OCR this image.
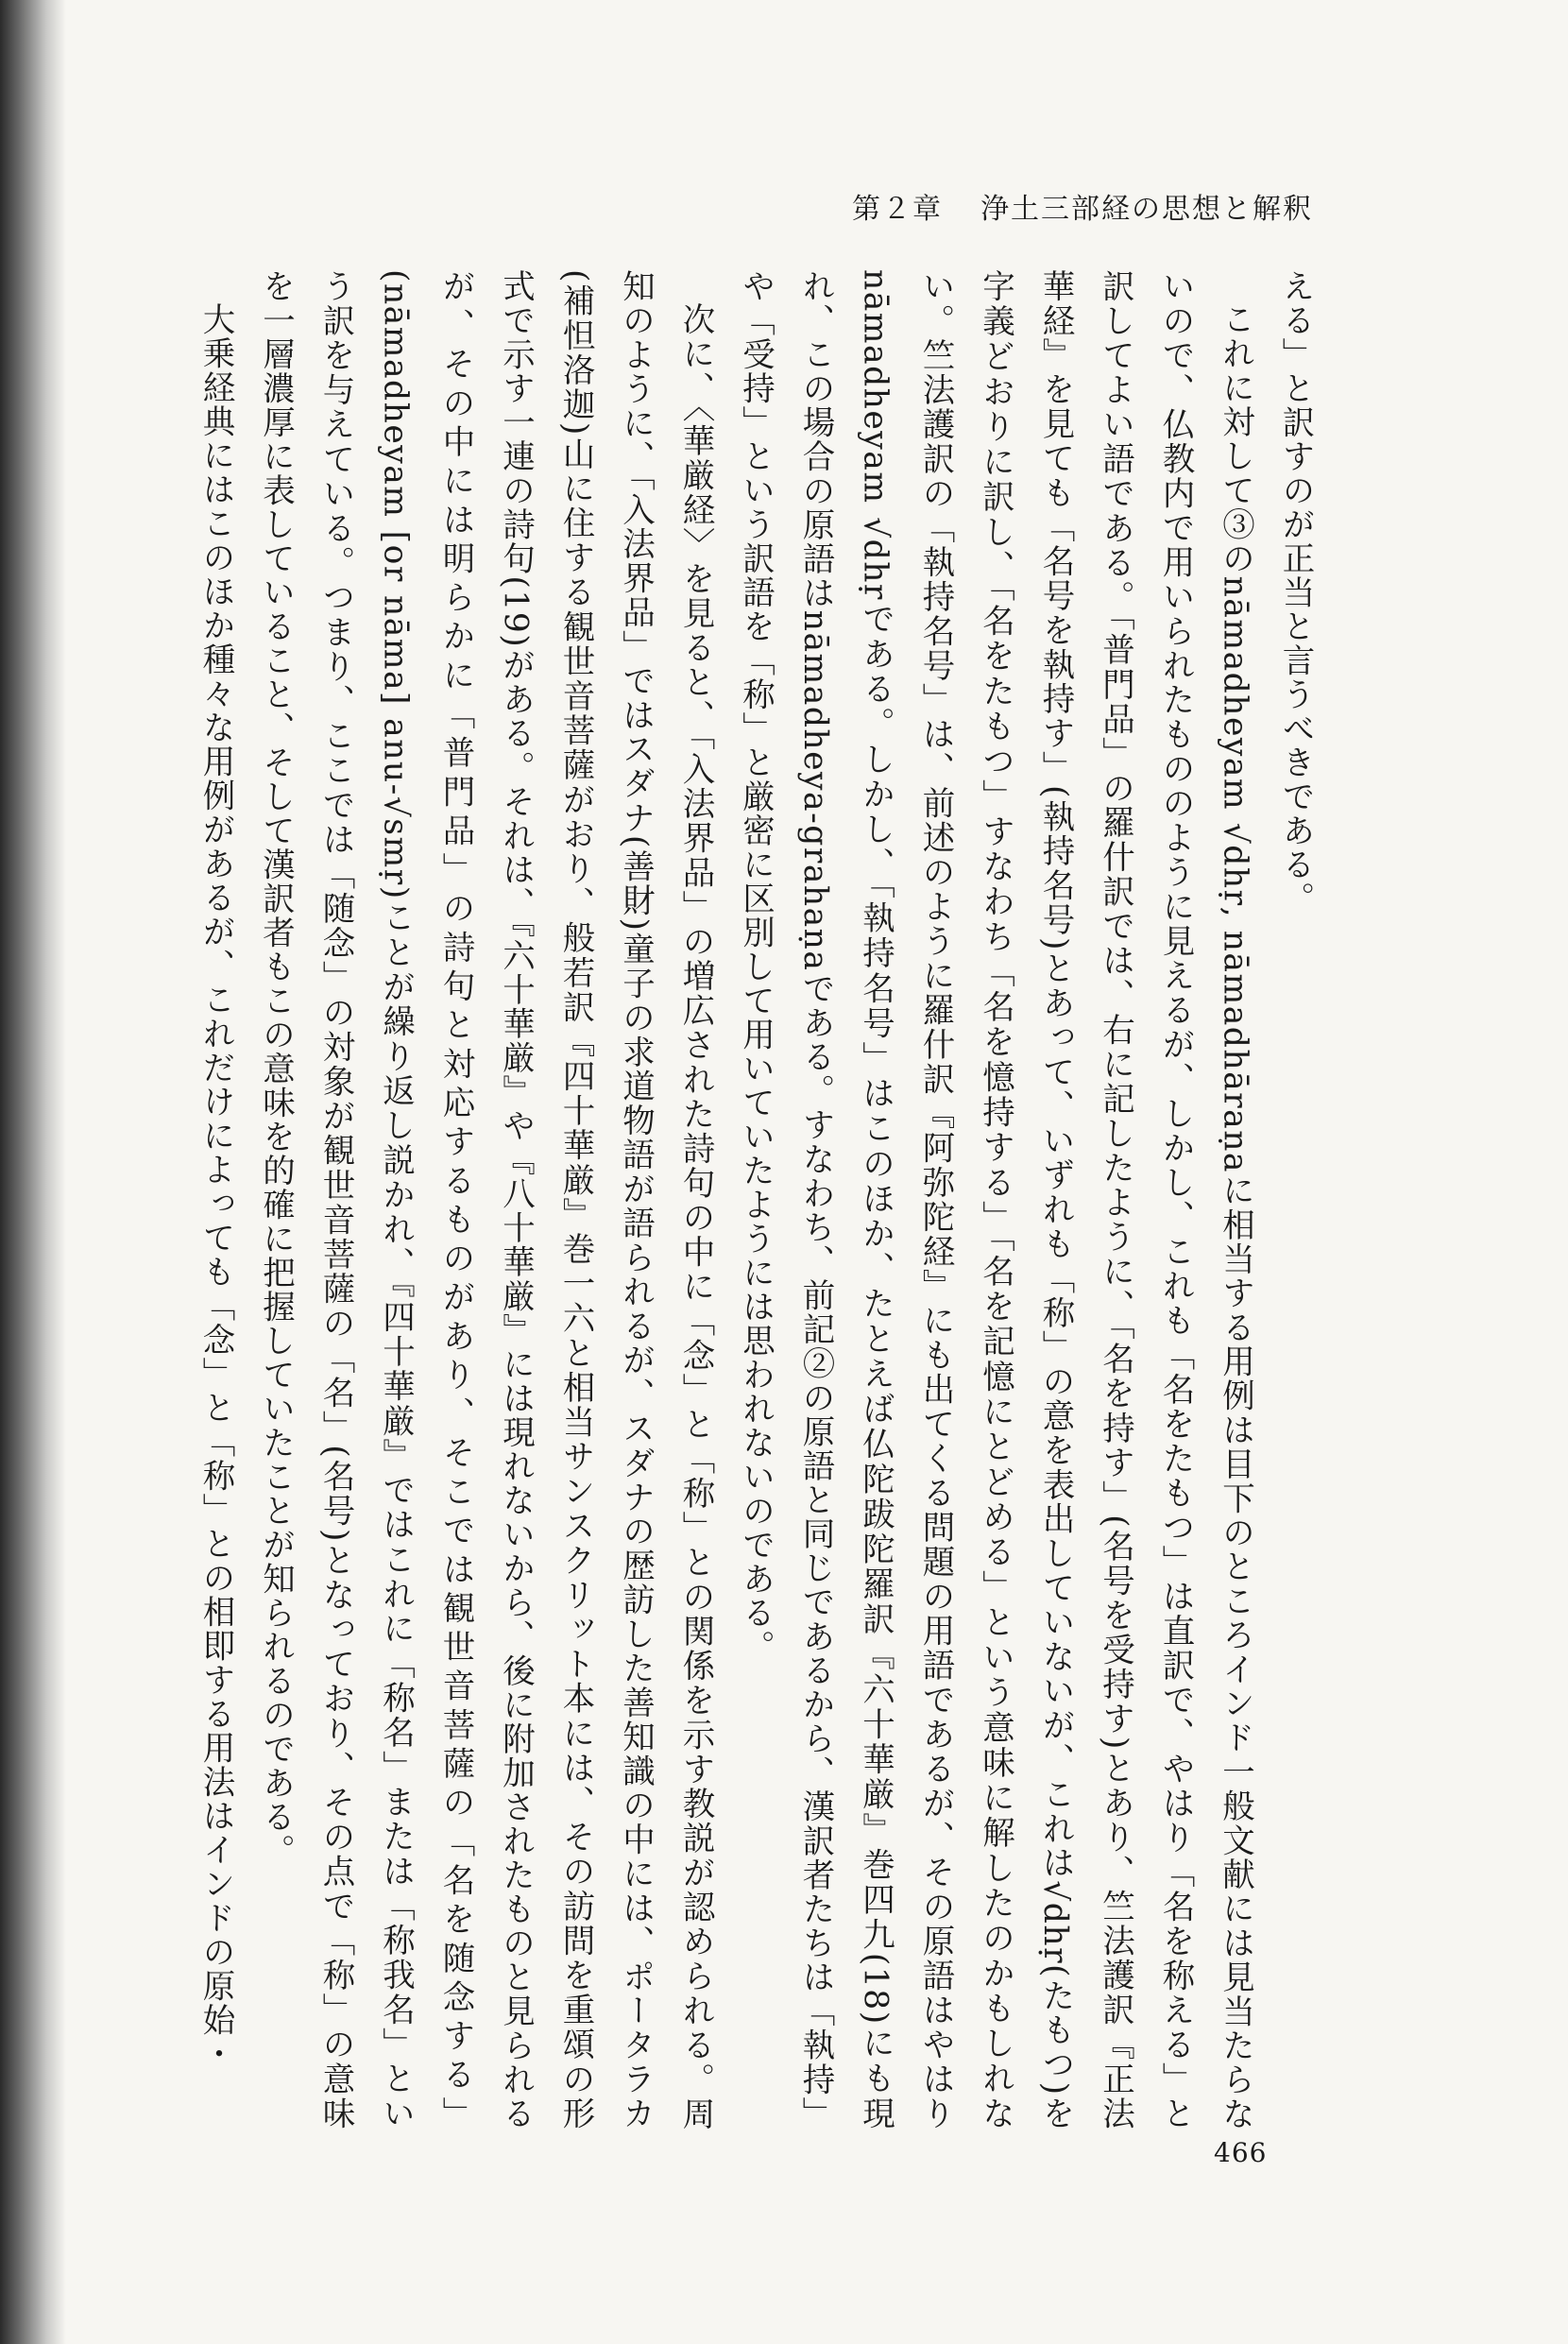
第２章 浄土三部経の思想と解釈

える」と訳すのが正当と言うべきである。

これに対して③のnāmadheyam √dhṛ, nāmadhāraṇaに相当する用例は目下のところインド一般文献には見当たらないので、仏教内で用いられたもののように見えるが、しかし、これも「名をたもつ」は直訳で、やはり「名を称える」と訳してよい語である。「普門品」の羅什訳では、右に記したように、「名を持す」(名号を受持す)とあり、竺法護訳『正法華経』を見ても「名号を執持す」(執持名号)とあって、いずれも「称」の意を表出していないが、これは√dhṛ(たもつ)を字義どおりに訳し、「名をたもつ」すなわち「名を憶持する」「名を記憶にとどめる」という意味に解したのかもしれない。竺法護訳の「執持名号」は、前述のように羅什訳『阿弥陀経』にも出てくる問題の用語であるが、その原語はやはりnāmadheyam √dhṛである。しかし、「執持名号」はこのほか、たとえば仏陀跋陀羅訳『六十華厳』巻四九(18)にも現れ、この場合の原語はnāmadheya-grahaṇaである。すなわち、前記②の原語と同じであるから、漢訳者たちは「執持」や「受持」という訳語を「称」と厳密に区別して用いていたようには思われないのである。

次に、〈華厳経〉を見ると、「入法界品」の増広された詩句の中に「念」と「称」との関係を示す教説が認められる。周知のように、「入法界品」ではスダナ(善財)童子の求道物語が語られるが、スダナの歴訪した善知識の中には、ポータラカ(補怛洛迦)山に住する観世音菩薩がおり、般若訳『四十華厳』巻一六と相当サンスクリット本には、その訪問を重頌の形式で示す一連の詩句(19)がある。それは、『六十華厳』や『八十華厳』には現れないから、後に附加されたものと見られるが、その中には明らかに「普門品」の詩句と対応するものがあり、そこでは観世音菩薩の「名を随念する」(nāmadheyam [or nāma] anu-√smṛ)ことが繰り返し説かれ、『四十華厳』ではこれに「称名」または「称我名」という訳を与えている。つまり、ここでは「随念」の対象が観世音菩薩の「名」(名号)となっており、その点で「称」の意味を一層濃厚に表していること、そして漢訳者もこの意味を的確に把握していたことが知られるのである。

大乗経典にはこのほか種々な用例があるが、これだけによっても「念」と「称」との相即する用法はインドの原始・

466
